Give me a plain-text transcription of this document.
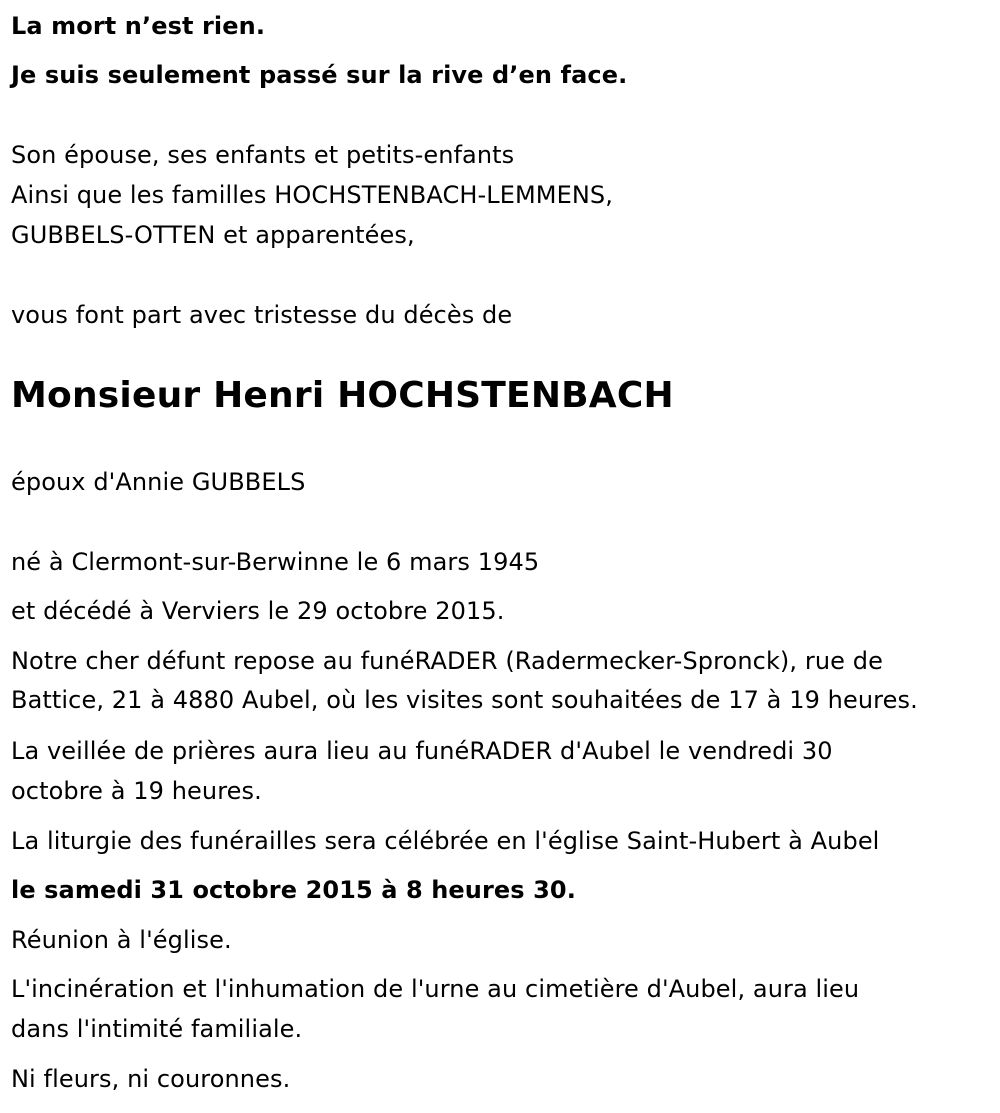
La mort n’est rien.
Je suis seulement passé sur la rive d’en face.
Son épouse, ses enfants et petits-enfants
Ainsi que les familles HOCHSTENBACH-LEMMENS,
GUBBELS-OTTEN et apparentées,
vous font part avec tristesse du décès de
Monsieur Henri HOCHSTENBACH
époux d'Annie GUBBELS
né à Clermont-sur-Berwinne le 6 mars 1945
et décédé à Verviers le 29 octobre 2015.
Notre cher défunt repose au funéRADER (Radermecker-Spronck), rue de
Battice, 21 à 4880 Aubel, où les visites sont souhaitées de 17 à 19 heures.
La veillée de prières aura lieu au funéRADER d'Aubel le vendredi 30
octobre à 19 heures.
La liturgie des funérailles sera célébrée en l'église Saint-Hubert à Aubel
le samedi 31 octobre 2015 à 8 heures 30.
Réunion à l'église.
L'incinération et l'inhumation de l'urne au cimetière d'Aubel, aura lieu
dans l'intimité familiale.
Ni fleurs, ni couronnes.
